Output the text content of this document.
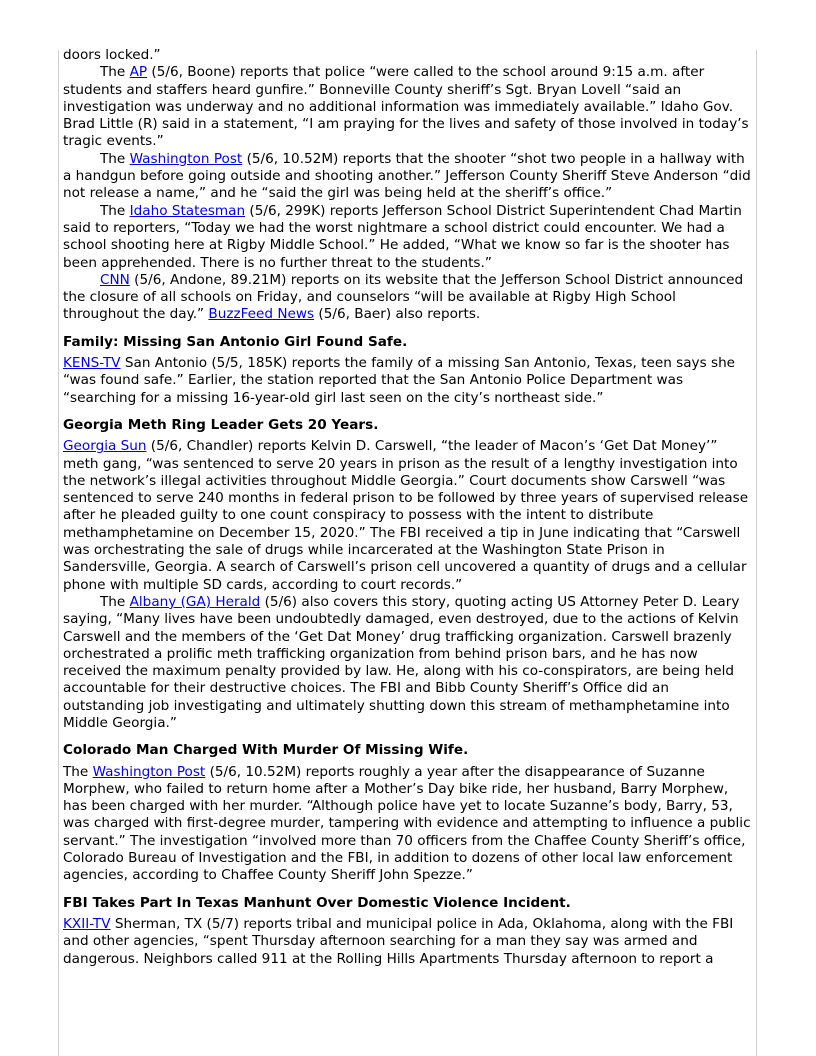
doors locked.”

The AP (5/6, Boone) reports that police “were called to the school around 9:15 a.m. after students and staffers heard gunfire.” Bonneville County sheriff’s Sgt. Bryan Lovell “said an investigation was underway and no additional information was immediately available.” Idaho Gov. Brad Little (R) said in a statement, “I am praying for the lives and safety of those involved in today’s tragic events.”

The Washington Post (5/6, 10.52M) reports that the shooter “shot two people in a hallway with a handgun before going outside and shooting another.” Jefferson County Sheriff Steve Anderson “did not release a name,” and he “said the girl was being held at the sheriff’s office.”

The Idaho Statesman (5/6, 299K) reports Jefferson School District Superintendent Chad Martin said to reporters, “Today we had the worst nightmare a school district could encounter. We had a school shooting here at Rigby Middle School.” He added, “What we know so far is the shooter has been apprehended. There is no further threat to the students.”

CNN (5/6, Andone, 89.21M) reports on its website that the Jefferson School District announced the closure of all schools on Friday, and counselors “will be available at Rigby High School throughout the day.” BuzzFeed News (5/6, Baer) also reports.

Family: Missing San Antonio Girl Found Safe.

KENS-TV San Antonio (5/5, 185K) reports the family of a missing San Antonio, Texas, teen says she “was found safe.” Earlier, the station reported that the San Antonio Police Department was “searching for a missing 16-year-old girl last seen on the city’s northeast side.”

Georgia Meth Ring Leader Gets 20 Years.

Georgia Sun (5/6, Chandler) reports Kelvin D. Carswell, “the leader of Macon’s ‘Get Dat Money’” meth gang, “was sentenced to serve 20 years in prison as the result of a lengthy investigation into the network’s illegal activities throughout Middle Georgia.” Court documents show Carswell “was sentenced to serve 240 months in federal prison to be followed by three years of supervised release after he pleaded guilty to one count conspiracy to possess with the intent to distribute methamphetamine on December 15, 2020.” The FBI received a tip in June indicating that “Carswell was orchestrating the sale of drugs while incarcerated at the Washington State Prison in Sandersville, Georgia. A search of Carswell’s prison cell uncovered a quantity of drugs and a cellular phone with multiple SD cards, according to court records.”

The Albany (GA) Herald (5/6) also covers this story, quoting acting US Attorney Peter D. Leary saying, “Many lives have been undoubtedly damaged, even destroyed, due to the actions of Kelvin Carswell and the members of the ‘Get Dat Money’ drug trafficking organization. Carswell brazenly orchestrated a prolific meth trafficking organization from behind prison bars, and he has now received the maximum penalty provided by law. He, along with his co-conspirators, are being held accountable for their destructive choices. The FBI and Bibb County Sheriff’s Office did an outstanding job investigating and ultimately shutting down this stream of methamphetamine into Middle Georgia.”

Colorado Man Charged With Murder Of Missing Wife.

The Washington Post (5/6, 10.52M) reports roughly a year after the disappearance of Suzanne Morphew, who failed to return home after a Mother’s Day bike ride, her husband, Barry Morphew, has been charged with her murder. “Although police have yet to locate Suzanne’s body, Barry, 53, was charged with first-degree murder, tampering with evidence and attempting to influence a public servant.” The investigation “involved more than 70 officers from the Chaffee County Sheriff’s office, Colorado Bureau of Investigation and the FBI, in addition to dozens of other local law enforcement agencies, according to Chaffee County Sheriff John Spezze.”

FBI Takes Part In Texas Manhunt Over Domestic Violence Incident.

KXII-TV Sherman, TX (5/7) reports tribal and municipal police in Ada, Oklahoma, along with the FBI and other agencies, “spent Thursday afternoon searching for a man they say was armed and dangerous. Neighbors called 911 at the Rolling Hills Apartments Thursday afternoon to report a
